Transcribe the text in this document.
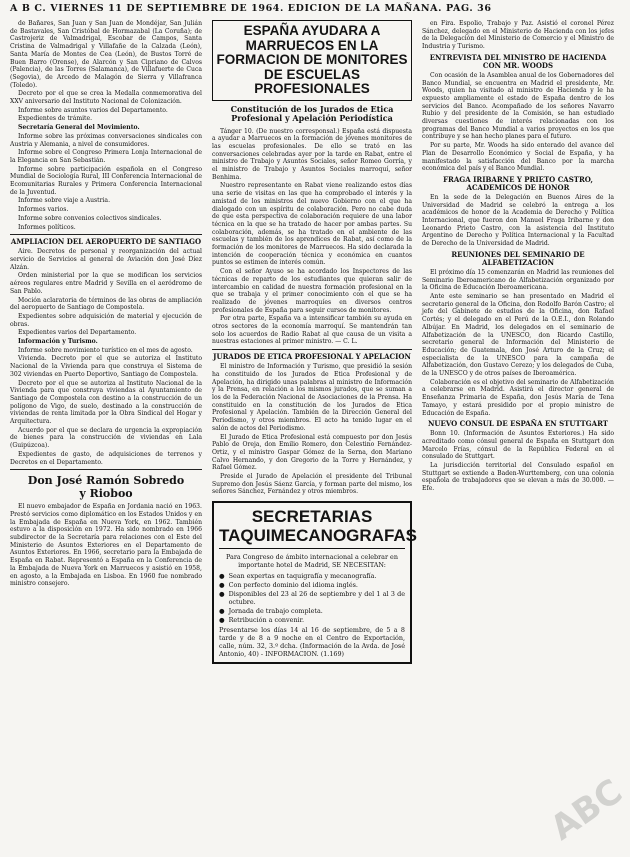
A B C. VIERNES 11 DE SEPTIEMBRE DE 1964. EDICION DE LA MAÑANA. PAG. 36

de Bañares, San Juan y San Juan de Mondéjar, San Julián de Bastavales, San Cristóbal de Hormazabal (La Coruña); de Castrojeriz de Valmadrigal, Escobar de Campos, Santa Cristina de Valmadrigal y Villafañe de la Calzada (León), Santa María de Montes de Cea (León), de Bustos Torré de Buen Barro (Orense), de Alarcón y San Cipriano de Calvos (Palencia), de las Torres (Salamanca), de Villafuerte de Cuca (Segovia), de Arcedo de Malagón de Sierra y Villafranca (Toledo).

Decreto por el que se crea la Medalla conmemorativa del XXV aniversario del Instituto Nacional de Colonización.

Informe sobre asuntos varios del Departamento.

Expedientes de trámite.

Secretaría General del Movimiento.

Informe sobre las próximas conversaciones sindicales con Austria y Alemania, a nivel de consumidores.

Informe sobre el Congreso Primera Lonja Internacional de la Elegancia en San Sebastián.

Informe sobre participación española en el Congreso Mundial de Sociología Rural, III Conferencia Internacional de Ecomunitarias Rurales y Primera Conferencia Internacional de la Juventud.

Informe sobre viaje a Austria.

Informes varios.

Informe sobre convenios colectivos sindicales.

Informes políticos.

AMPLIACION DEL AEROPUERTO DE SANTIAGO

Aire. Decretos de personal y reorganización del actual servicio de Servicios al general de Aviación don José Díez Alzán.

Orden ministerial por la que se modifican los servicios aéreos regulares entre Madrid y Sevilla en el aeródromo de San Pablo.

Moción aclaratoria de términos de las obras de ampliación del aeropuerto de Santiago de Compostela.

Expedientes sobre adquisición de material y ejecución de obras.

Expedientes varios del Departamento.

Información y Turismo.

Informe sobre movimiento turístico en el mes de agosto.

Vivienda. Decreto por el que se autoriza el Instituto Nacional de la Vivienda para que construya el Sistema de 302 viviendas en Puerto Deportivo, Santiago de Compostela.

Decreto por el que se autoriza al Instituto Nacional de la Vivienda para que construya viviendas al Ayuntamiento de Santiago de Compostela con destino a la construcción de un polígono de Vigo, de suelo, destinado a la construcción de viviendas de renta limitada por la Obra Sindical del Hogar y Arquitectura.

Acuerdo por el que se declara de urgencia la expropiación de bienes para la construcción de viviendas en Lala (Guipúzcoa).

Expedientes de gasto, de adquisiciones de terrenos y Decretos en el Departamento.

Don José Ramón Sobredo
y Rioboo

El nuevo embajador de España en Jordania nació en 1963. Prestó servicios como diplomático en los Estados Unidos y en la Embajada de España en Nueva York, en 1962. También estuvo a la disposición en 1972. Ha sido nombrado en 1966 subdirector de la Secretaría para relaciones con el Este del Ministerio de Asuntos Exteriores en el Departamento de Asuntos Exteriores. En 1966, secretario para la Embajada de España en Rabat. Representó a España en la Conferencia de la Embajada de Nueva York en Marruecos y asistió en 1958, en agosto, a la Embajada en Lisboa. En 1960 fue nombrado ministro consejero.

ESPAÑA AYUDARA A MARRUECOS EN LA FORMACION DE MONITORES DE ESCUELAS PROFESIONALES
Constitución de los Jurados de Etica Profesional y Apelación Periodística

Tánger 10. (De nuestro corresponsal.) España está dispuesta a ayudar a Marruecos en la formación de jóvenes monitores de las escuelas profesionales. De ello se trató en las conversaciones celebradas ayer por la tarde en Rabat, entre el ministro de Trabajo y Asuntos Sociales, señor Romeo Gorría, y el ministro de Trabajo y Asuntos Sociales marroquí, señor Benhima.

Nuestro representante en Rabat viene realizando estos días una serie de visitas en las que ha comprobado el interés y la amistad de los ministros del nuevo Gobierno con el que ha dialogado con un espíritu de colaboración. Pero no cabe duda de que esta perspectiva de colaboración requiere de una labor técnica en la que se ha tratado de hacer por ambas partes. Su colaboración, además, se ha tratado en el ambiente de las escuelas y también de los aprendices de Rabat, así como de la formación de los monitores de Marruecos. Ha sido declarada la intención de cooperación técnica y económica en cuantos puntos se estimen de interés común.

Con el señor Ayuso se ha acordado los Inspectores de las técnicas de reparto de los estudiantes que quieran salir de intercambio en calidad de nuestra formación profesional en la que se trabaja y el primer conocimiento con el que se ha realizado de jóvenes marroquíes en diversos centros profesionales de España para seguir cursos de monitores.

Por otra parte, España va a intensificar también su ayuda en otros sectores de la economía marroquí. Se mantendrán tan solo los acuerdos de Radio Rabat al que causa de un visita a nuestras estaciones al primer ministro. — C. L.

JURADOS DE ETICA PROFESIONAL Y APELACION

El ministro de Información y Turismo, que presidió la sesión ha constituido de los Jurados de Etica Profesional y de Apelación, ha dirigido unas palabras al ministro de Información y la Prensa, en relación a los mismos jurados, que se suman a los de la Federación Nacional de Asociaciones de la Prensa. Ha constituido en la constitución de los Jurados de Etica Profesional y Apelación. También de la Dirección General del Periodismo, y otros miembros. El acto ha tenido lugar en el salón de actos del Periodismo.

El Jurado de Etica Profesional está compuesto por don Jesús Pablo de Oreja, don Emilio Romero, don Celestino Fernández-Ortiz, y el ministro Gaspar Gómez de la Serna, don Mariano Calvo Hernando, y don Gregorio de la Torre y Hernández, y Rafael Gómez.

Preside el Jurado de Apelación el presidente del Tribunal Supremo don Jesús Sáenz García, y forman parte del mismo, los señores Sánchez, Fernández y otros miembros.

SECRETARIAS TAQUIMECANOGRAFAS
Para Congreso de ámbito internacional a celebrar en importante hotel de Madrid, SE NECESITAN:
● Sean expertas en taquigrafía y mecanografía.
● Con perfecto dominio del idioma inglés.
● Disponibles del 23 al 26 de septiembre y del 1 al 3 de octubre.
● Jornada de trabajo completa.
● Retribución a convenir.
Presentarse los días 14 al 16 de septiembre, de 5 a 8 tarde y de 8 a 9 noche en el Centro de Exportación, calle, núm. 32, 3.º dcha. (Información de la Avda. de José Antonio, 40) - INFORMACION. (1.169)

en Fira. Espolio, Trabajo y Paz. Asistió el coronel Pérez Sánchez, delegado en el Ministerio de Hacienda con los jefes de la Delegación del Ministerio de Comercio y el Ministro de Industria y Turismo.

ENTREVISTA DEL MINISTRO DE HACIENDA CON MR. WOODS

Con ocasión de la Asamblea anual de los Gobernadores del Banco Mundial, se encuentra en Madrid el presidente, Mr. Woods, quien ha visitado al ministro de Hacienda y le ha expuesto ampliamente el estado de España dentro de los servicios del Banco. Acompañado de los señores Navarro Rubio y del presidente de la Comisión, se han estudiado diversas cuestiones de interés relacionadas con los programas del Banco Mundial a varios proyectos en los que contribuye y se han hecho planes para el futuro.

Por su parte, Mr. Woods ha sido enterado del avance del Plan de Desarrollo Económico y Social de España, y ha manifestado la satisfacción del Banco por la marcha económica del país y el Banco Mundial.

FRAGA IRIBARNE Y PRIETO CASTRO, ACADEMICOS DE HONOR

En la sede de la Delegación en Buenos Aires de la Universidad de Madrid se celebró la entrega a los académicos de honor de la Academia de Derecho y Política Internacional, que fueron don Manuel Fraga Iribarne y don Leonardo Prieto Castro, con la asistencia del Instituto Argentino de Derecho y Política Internacional y la Facultad de Derecho de la Universidad de Madrid.

REUNIONES DEL SEMINARIO DE ALFABETIZACION

El próximo día 15 comenzarán en Madrid las reuniones del Seminario Iberoamericano de Alfabetización organizado por la Oficina de Educación Iberoamericana.

Ante este seminario se han presentado en Madrid el secretario general de la Oficina, don Rodolfo Barón Castro; el jefe del Gabinete de estudios de la Oficina, don Rafael Cortés; y el delegado en el Perú de la O.E.I., don Rolando Albújar. En Madrid, los delegados en el seminario de Alfabetización de la UNESCO, don Ricardo Castillo, secretario general de Información del Ministerio de Educación; de Guatemala, don José Arturo de la Cruz; el especialista de la UNESCO para la campaña de Alfabetización, don Gustavo Cerezo; y los delegados de Cuba, de la UNESCO y de otros países de Iberoamérica.

Colaboración es el objetivo del seminario de Alfabetización a celebrarse en Madrid. Asistirá el director general de Enseñanza Primaria de España, don Jesús María de Tena Tamayo, y estará presidido por el propio ministro de Educación de España.

NUEVO CONSUL DE ESPAÑA EN STUTTGART

Bonn 10. (Información de Asuntos Exteriores.) Ha sido acreditado como cónsul general de España en Stuttgart don Marcelo Frías, cónsul de la República Federal en el consulado de Stuttgart.

La jurisdicción territorial del Consulado español en Stuttgart se extiende a Baden-Wurttemberg, con una colonia española de trabajadores que se elevan a más de 30.000. — Efe.

ABC
